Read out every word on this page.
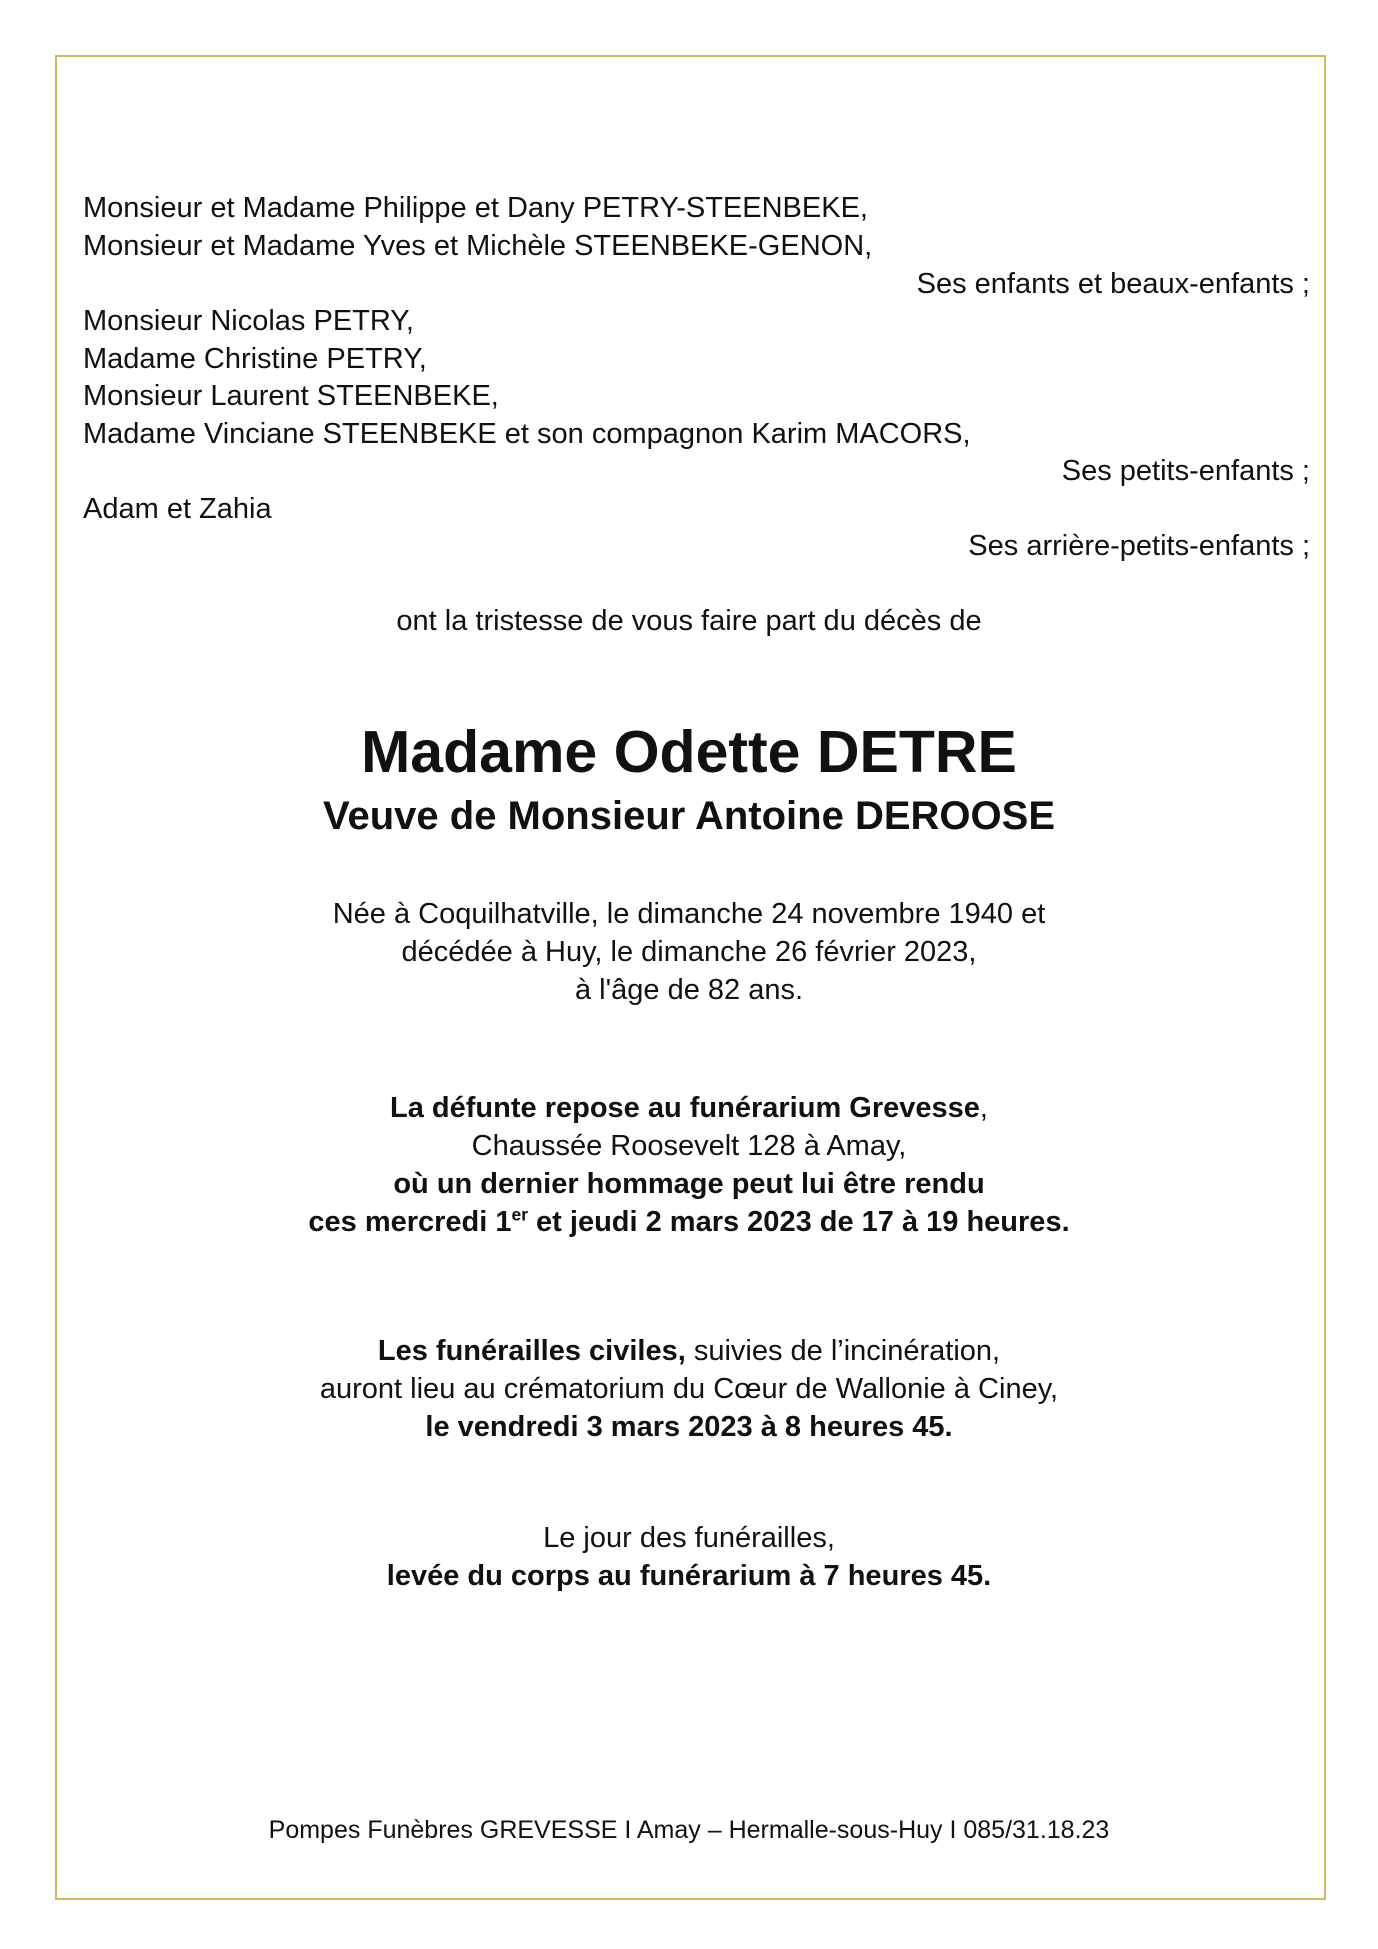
Monsieur et Madame Philippe et Dany PETRY-STEENBEKE,
Monsieur et Madame Yves et Michèle STEENBEKE-GENON,
Ses enfants et beaux-enfants ;
Monsieur Nicolas PETRY,
Madame Christine PETRY,
Monsieur Laurent STEENBEKE,
Madame Vinciane STEENBEKE et son compagnon Karim MACORS,
Ses petits-enfants ;
Adam et Zahia
Ses arrière-petits-enfants ;
ont la tristesse de vous faire part du décès de
Madame Odette DETRE
Veuve de Monsieur Antoine DEROOSE
Née à Coquilhatville, le dimanche 24 novembre 1940 et
décédée à Huy, le dimanche 26 février 2023,
à l'âge de 82 ans.
La défunte repose au funérarium Grevesse,
Chaussée Roosevelt 128 à Amay,
où un dernier hommage peut lui être rendu
ces mercredi 1er et jeudi 2 mars 2023 de 17 à 19 heures.
Les funérailles civiles, suivies de l’incinération,
auront lieu au crématorium du Cœur de Wallonie à Ciney,
le vendredi 3 mars 2023 à 8 heures 45.
Le jour des funérailles,
levée du corps au funérarium à 7 heures 45.
Pompes Funèbres GREVESSE I Amay – Hermalle-sous-Huy I 085/31.18.23
